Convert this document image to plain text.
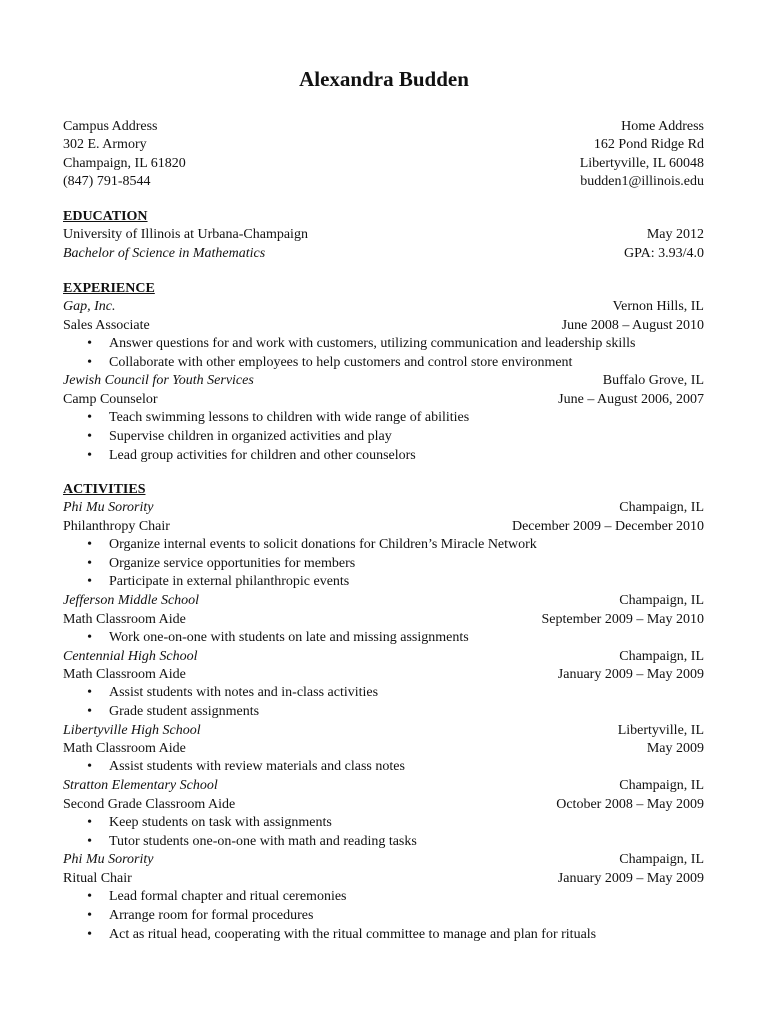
Alexandra Budden
Campus Address	Home Address
302 E. Armory	162 Pond Ridge Rd
Champaign, IL 61820	Libertyville, IL 60048
(847) 791-8544	budden1@illinois.edu
EDUCATION
University of Illinois at Urbana-Champaign	May 2012
Bachelor of Science in Mathematics	GPA: 3.93/4.0
EXPERIENCE
Gap, Inc.	Vernon Hills, IL
Sales Associate	June 2008 – August 2010
•	Answer questions for and work with customers, utilizing communication and leadership skills
•	Collaborate with other employees to help customers and control store environment
Jewish Council for Youth Services	Buffalo Grove, IL
Camp Counselor	June – August 2006, 2007
•	Teach swimming lessons to children with wide range of abilities
•	Supervise children in organized activities and play
•	Lead group activities for children and other counselors
ACTIVITIES
Phi Mu Sorority	Champaign, IL
Philanthropy Chair	December 2009 – December 2010
•	Organize internal events to solicit donations for Children’s Miracle Network
•	Organize service opportunities for members
•	Participate in external philanthropic events
Jefferson Middle School	Champaign, IL
Math Classroom Aide	September 2009 – May 2010
•	Work one-on-one with students on late and missing assignments
Centennial High School	Champaign, IL
Math Classroom Aide	January 2009 – May 2009
•	Assist students with notes and in-class activities
•	Grade student assignments
Libertyville High School	Libertyville, IL
Math Classroom Aide	May 2009
•	Assist students with review materials and class notes
Stratton Elementary School	Champaign, IL
Second Grade Classroom Aide	October 2008 – May 2009
•	Keep students on task with assignments
•	Tutor students one-on-one with math and reading tasks
Phi Mu Sorority	Champaign, IL
Ritual Chair	January 2009 – May 2009
•	Lead formal chapter and ritual ceremonies
•	Arrange room for formal procedures
•	Act as ritual head, cooperating with the ritual committee to manage and plan for rituals
